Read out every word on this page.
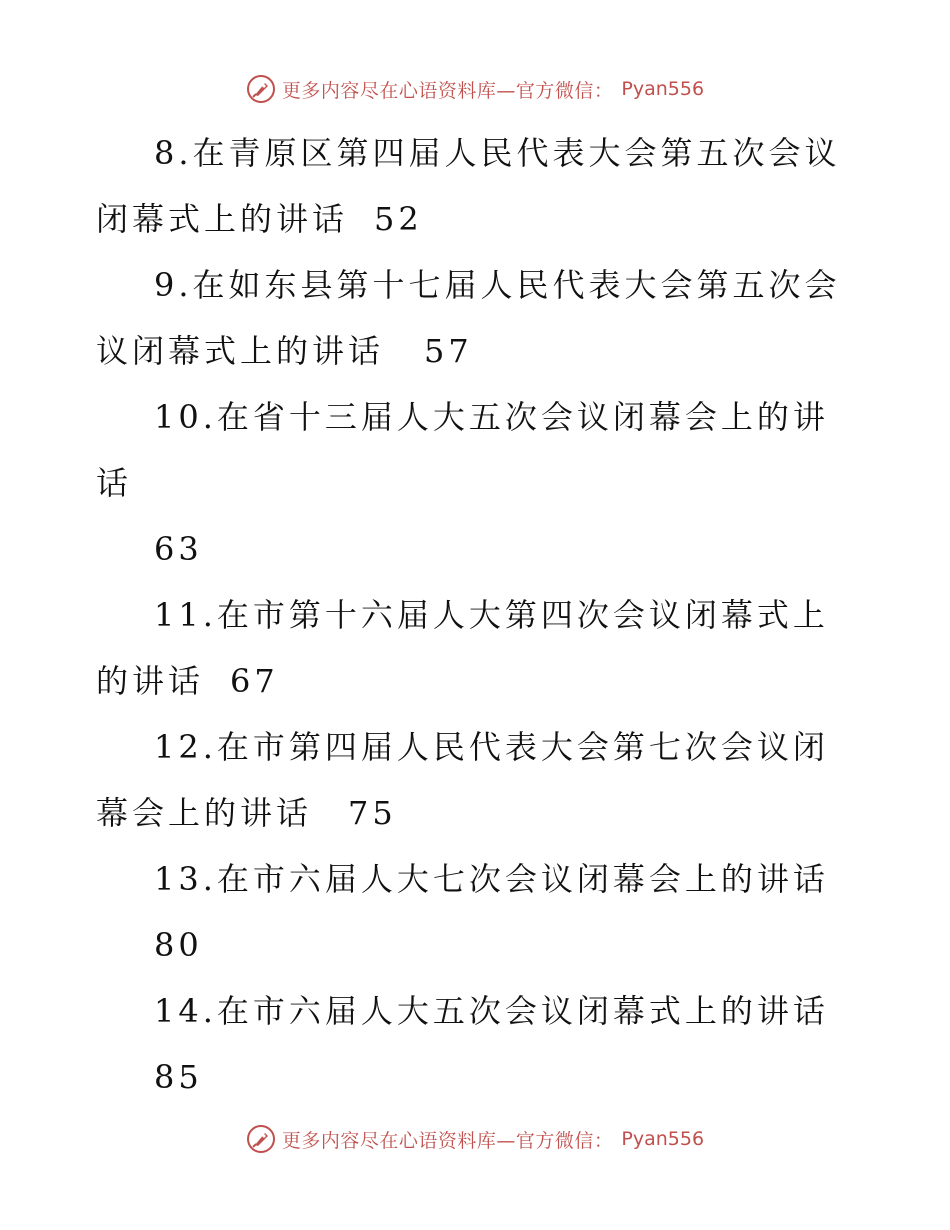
更多内容尽在心语资料库—官方微信： Pyan556

8.在青原区第四届人民代表大会第五次会议闭幕式上的讲话 52

9.在如东县第十七届人民代表大会第五次会议闭幕式上的讲话 57

10.在省十三届人大五次会议闭幕会上的讲话
63

11.在市第十六届人大第四次会议闭幕式上的讲话 67

12.在市第四届人民代表大会第七次会议闭幕会上的讲话 75

13.在市六届人大七次会议闭幕会上的讲话
80

14.在市六届人大五次会议闭幕式上的讲话
85

更多内容尽在心语资料库—官方微信： Pyan556
